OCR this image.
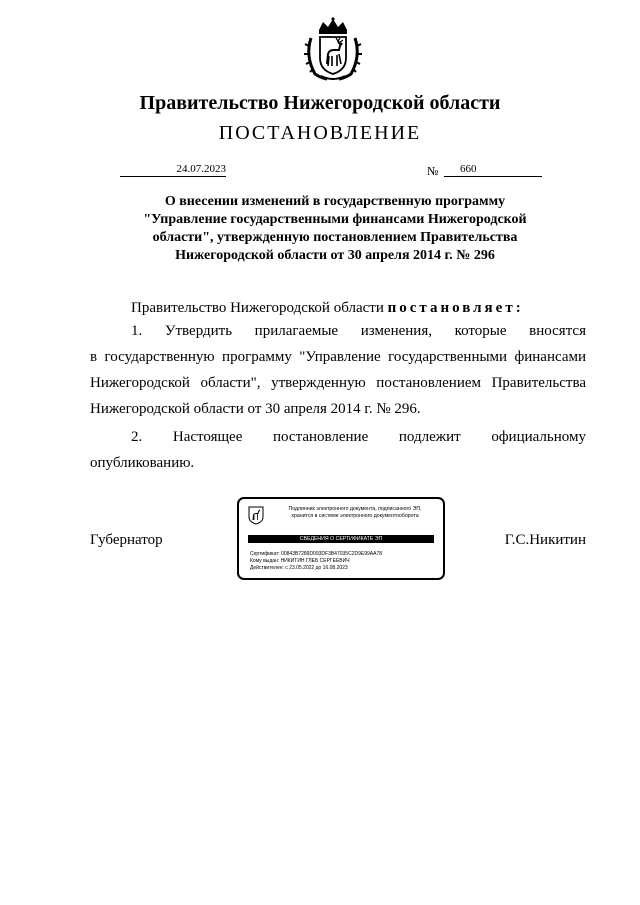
Правительство Нижегородской области
ПОСТАНОВЛЕНИЕ
24.07.2023	№	660
О внесении изменений в государственную программу
"Управление государственными финансами Нижегородской
области", утвержденную постановлением Правительства
Нижегородской области от 30 апреля 2014 г. № 296
Правительство Нижегородской области постановляет:
1. Утвердить прилагаемые изменения, которые вносятся
в государственную программу "Управление государственными финансами
Нижегородской области", утвержденную постановлением Правительства
Нижегородской области от 30 апреля 2014 г. № 296.
2. Настоящее постановление подлежит официальному
опубликованию.
Губернатор	Г.С.Никитин
Подлинник электронного документа, подписанного ЭП,
хранится в системе электронного документооборота
СВЕДЕНИЯ О СЕРТИФИКАТЕ ЭП
Сертификат: 00843B7289D093DF3B47035C2D9E99AA78
Кому выдан: НИКИТИН ГЛЕБ СЕРГЕЕВИЧ
Действителен: с 23.05.2022 до 16.08.2023
